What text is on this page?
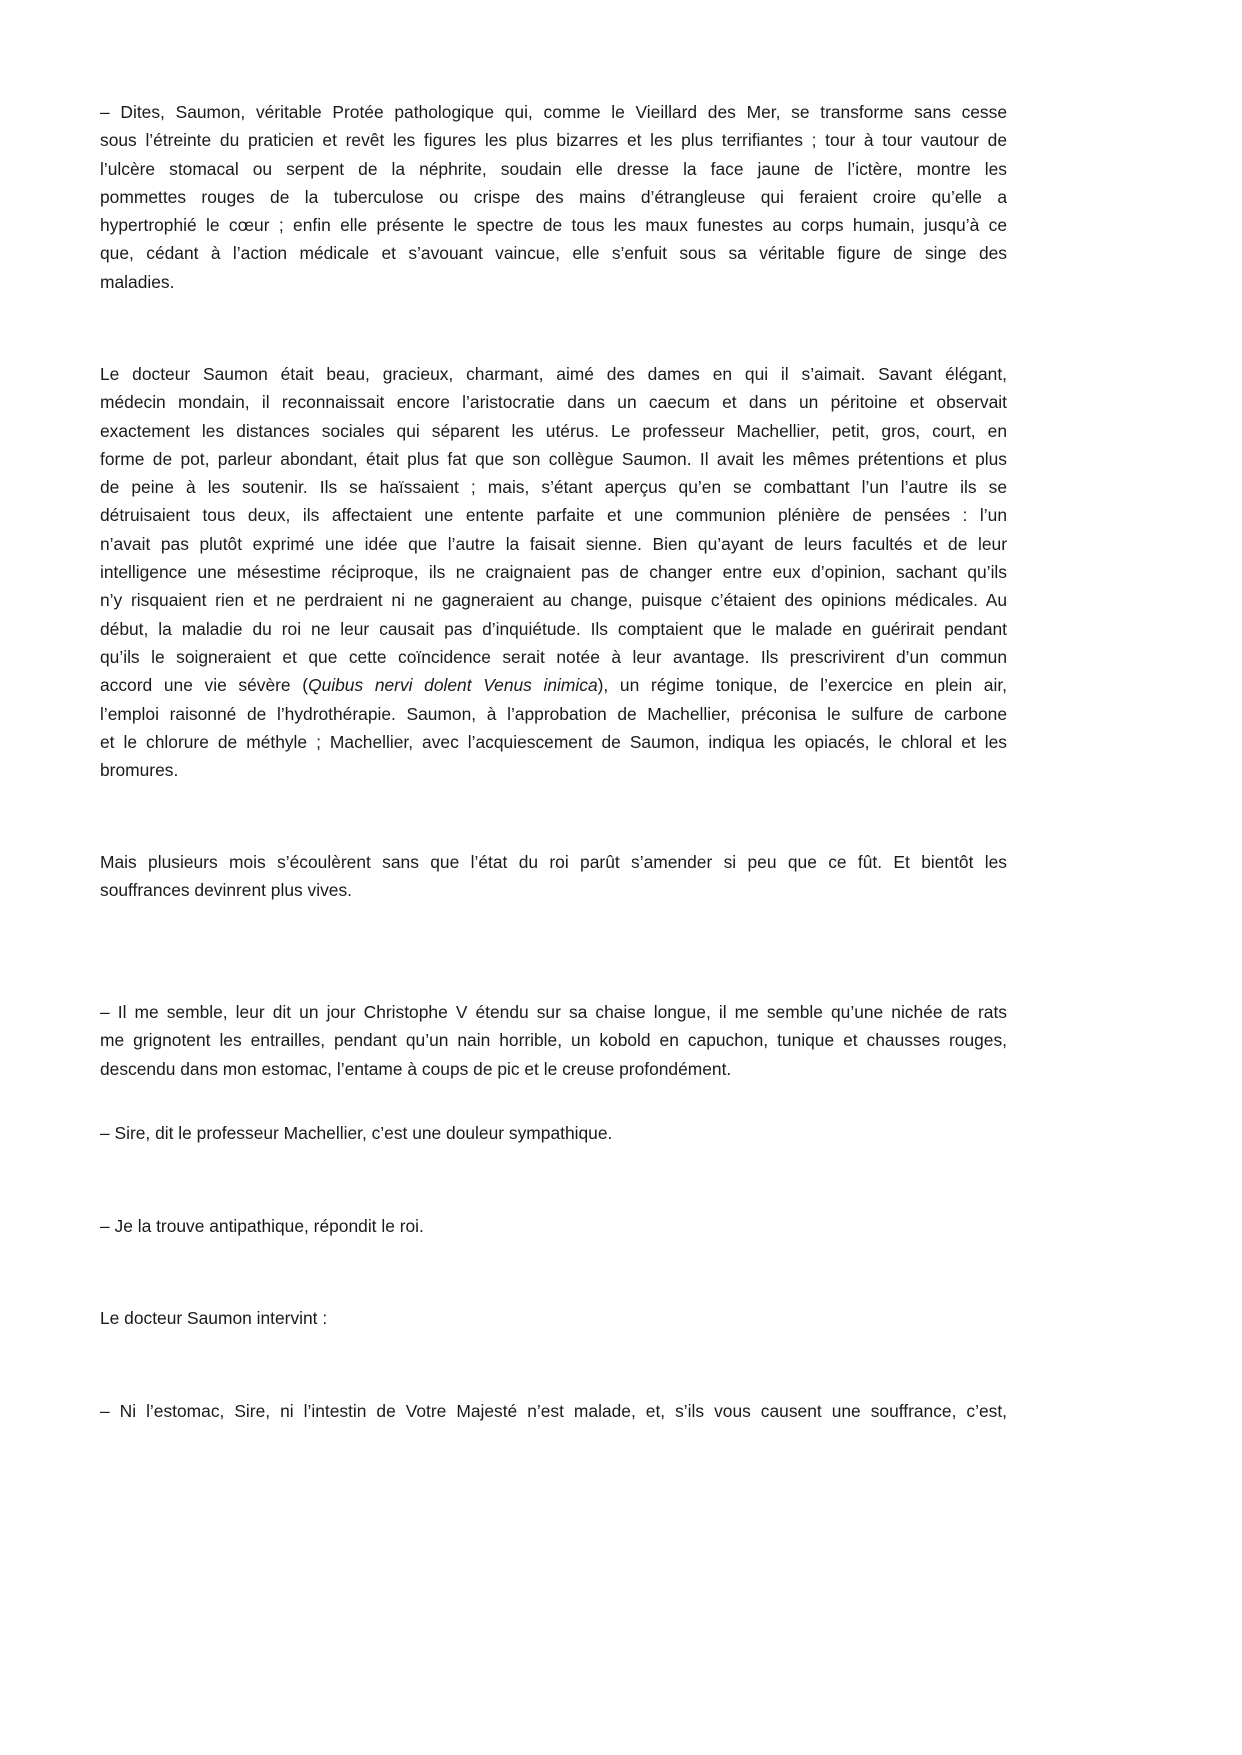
– Dites, Saumon, véritable Protée pathologique qui, comme le Vieillard des Mer, se transforme sans cesse
sous l’étreinte du praticien et revêt les figures les plus bizarres et les plus terrifiantes ; tour à tour vautour de
l’ulcère stomacal ou serpent de la néphrite, soudain elle dresse la face jaune de l’ictère, montre les
pommettes rouges de la tuberculose ou crispe des mains d’étrangleuse qui feraient croire qu’elle a
hypertrophié le cœur ; enfin elle présente le spectre de tous les maux funestes au corps humain, jusqu’à ce
que, cédant à l’action médicale et s’avouant vaincue, elle s’enfuit sous sa véritable figure de singe des
maladies.
Le docteur Saumon était beau, gracieux, charmant, aimé des dames en qui il s’aimait. Savant élégant,
médecin mondain, il reconnaissait encore l’aristocratie dans un caecum et dans un péritoine et observait
exactement les distances sociales qui séparent les utérus. Le professeur Machellier, petit, gros, court, en
forme de pot, parleur abondant, était plus fat que son collègue Saumon. Il avait les mêmes prétentions et plus
de peine à les soutenir. Ils se haïssaient ; mais, s’étant aperçus qu’en se combattant l’un l’autre ils se
détruisaient tous deux, ils affectaient une entente parfaite et une communion plénière de pensées : l’un
n’avait pas plutôt exprimé une idée que l’autre la faisait sienne. Bien qu’ayant de leurs facultés et de leur
intelligence une mésestime réciproque, ils ne craignaient pas de changer entre eux d’opinion, sachant qu’ils
n’y risquaient rien et ne perdraient ni ne gagneraient au change, puisque c’étaient des opinions médicales. Au
début, la maladie du roi ne leur causait pas d’inquiétude. Ils comptaient que le malade en guérirait pendant
qu’ils le soigneraient et que cette coïncidence serait notée à leur avantage. Ils prescrivirent d’un commun
accord une vie sévère (Quibus nervi dolent Venus inimica), un régime tonique, de l’exercice en plein air,
l’emploi raisonné de l’hydrothérapie. Saumon, à l’approbation de Machellier, préconisa le sulfure de carbone
et le chlorure de méthyle ; Machellier, avec l’acquiescement de Saumon, indiqua les opiacés, le chloral et les
bromures.
Mais plusieurs mois s’écoulèrent sans que l’état du roi parût s’amender si peu que ce fût. Et bientôt les
souffrances devinrent plus vives.
– Il me semble, leur dit un jour Christophe V étendu sur sa chaise longue, il me semble qu’une nichée de rats
me grignotent les entrailles, pendant qu’un nain horrible, un kobold en capuchon, tunique et chausses rouges,
descendu dans mon estomac, l’entame à coups de pic et le creuse profondément.
– Sire, dit le professeur Machellier, c’est une douleur sympathique.
– Je la trouve antipathique, répondit le roi.
Le docteur Saumon intervint :
– Ni l’estomac, Sire, ni l’intestin de Votre Majesté n’est malade, et, s’ils vous causent une souffrance, c’est,
